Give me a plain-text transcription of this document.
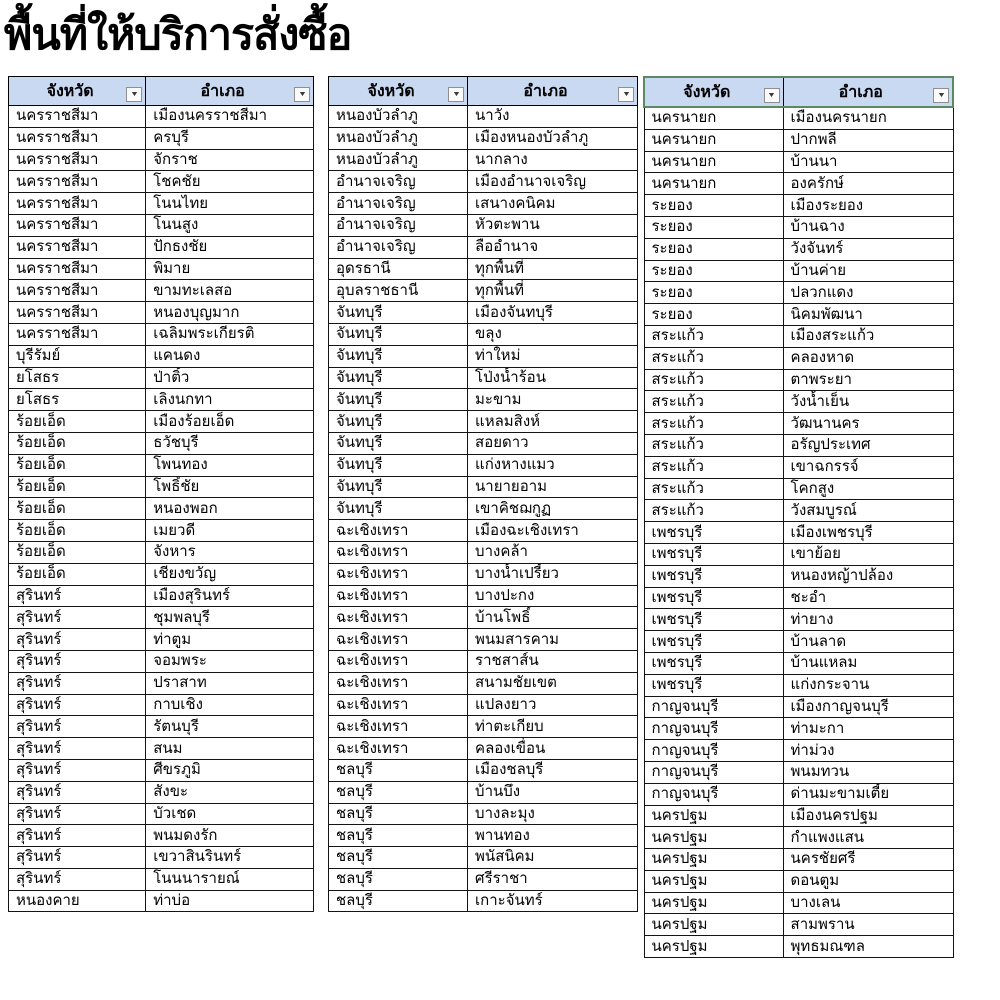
พื้นที่ให้บริการสั่งซื้อ
จังหวัด ▼	อำเภอ ▼

นครราชสีมา	เมืองนครราชสีมา
นครราชสีมา	ครบุรี
นครราชสีมา	จักราช
นครราชสีมา	โชคชัย
นครราชสีมา	โนนไทย
นครราชสีมา	โนนสูง
นครราชสีมา	ปักธงชัย
นครราชสีมา	พิมาย
นครราชสีมา	ขามทะเลสอ
นครราชสีมา	หนองบุญมาก
นครราชสีมา	เฉลิมพระเกียรติ
บุรีรัมย์	แคนดง
ยโสธร	ป่าติ้ว
ยโสธร	เลิงนกทา
ร้อยเอ็ด	เมืองร้อยเอ็ด
ร้อยเอ็ด	ธวัชบุรี
ร้อยเอ็ด	โพนทอง
ร้อยเอ็ด	โพธิ์ชัย
ร้อยเอ็ด	หนองพอก
ร้อยเอ็ด	เมยวดี
ร้อยเอ็ด	จังหาร
ร้อยเอ็ด	เชียงขวัญ
สุรินทร์	เมืองสุรินทร์
สุรินทร์	ชุมพลบุรี
สุรินทร์	ท่าตูม
สุรินทร์	จอมพระ
สุรินทร์	ปราสาท
สุรินทร์	กาบเชิง
สุรินทร์	รัตนบุรี
สุรินทร์	สนม
สุรินทร์	ศีขรภูมิ
สุรินทร์	สังขะ
สุรินทร์	บัวเชด
สุรินทร์	พนมดงรัก
สุรินทร์	เขวาสินรินทร์
สุรินทร์	โนนนารายณ์
หนองคาย	ท่าบ่อ
จังหวัด ▼	อำเภอ ▼

หนองบัวลำภู	นาวัง
หนองบัวลำภู	เมืองหนองบัวลำภู
หนองบัวลำภู	นากลาง
อำนาจเจริญ	เมืองอำนาจเจริญ
อำนาจเจริญ	เสนางคนิคม
อำนาจเจริญ	หัวตะพาน
อำนาจเจริญ	ลืออำนาจ
อุดรธานี	ทุกพื้นที่
อุบลราชธานี	ทุกพื้นที่
จันทบุรี	เมืองจันทบุรี
จันทบุรี	ขลุง
จันทบุรี	ท่าใหม่
จันทบุรี	โป่งน้ำร้อน
จันทบุรี	มะขาม
จันทบุรี	แหลมสิงห์
จันทบุรี	สอยดาว
จันทบุรี	แก่งหางแมว
จันทบุรี	นายายอาม
จันทบุรี	เขาคิชฌกูฏ
ฉะเชิงเทรา	เมืองฉะเชิงเทรา
ฉะเชิงเทรา	บางคล้า
ฉะเชิงเทรา	บางน้ำเปรี้ยว
ฉะเชิงเทรา	บางปะกง
ฉะเชิงเทรา	บ้านโพธิ์
ฉะเชิงเทรา	พนมสารคาม
ฉะเชิงเทรา	ราชสาส์น
ฉะเชิงเทรา	สนามชัยเขต
ฉะเชิงเทรา	แปลงยาว
ฉะเชิงเทรา	ท่าตะเกียบ
ฉะเชิงเทรา	คลองเขื่อน
ชลบุรี	เมืองชลบุรี
ชลบุรี	บ้านบึง
ชลบุรี	บางละมุง
ชลบุรี	พานทอง
ชลบุรี	พนัสนิคม
ชลบุรี	ศรีราชา
ชลบุรี	เกาะจันทร์
จังหวัด ▼	อำเภอ ▼

นครนายก	เมืองนครนายก
นครนายก	ปากพลี
นครนายก	บ้านนา
นครนายก	องครักษ์
ระยอง	เมืองระยอง
ระยอง	บ้านฉาง
ระยอง	วังจันทร์
ระยอง	บ้านค่าย
ระยอง	ปลวกแดง
ระยอง	นิคมพัฒนา
สระแก้ว	เมืองสระแก้ว
สระแก้ว	คลองหาด
สระแก้ว	ตาพระยา
สระแก้ว	วังน้ำเย็น
สระแก้ว	วัฒนานคร
สระแก้ว	อรัญประเทศ
สระแก้ว	เขาฉกรรจ์
สระแก้ว	โคกสูง
สระแก้ว	วังสมบูรณ์
เพชรบุรี	เมืองเพชรบุรี
เพชรบุรี	เขาย้อย
เพชรบุรี	หนองหญ้าปล้อง
เพชรบุรี	ชะอำ
เพชรบุรี	ท่ายาง
เพชรบุรี	บ้านลาด
เพชรบุรี	บ้านแหลม
เพชรบุรี	แก่งกระจาน
กาญจนบุรี	เมืองกาญจนบุรี
กาญจนบุรี	ท่ามะกา
กาญจนบุรี	ท่าม่วง
กาญจนบุรี	พนมทวน
กาญจนบุรี	ด่านมะขามเตี้ย
นครปฐม	เมืองนครปฐม
นครปฐม	กำแพงแสน
นครปฐม	นครชัยศรี
นครปฐม	ดอนตูม
นครปฐม	บางเลน
นครปฐม	สามพราน
นครปฐม	พุทธมณฑล
